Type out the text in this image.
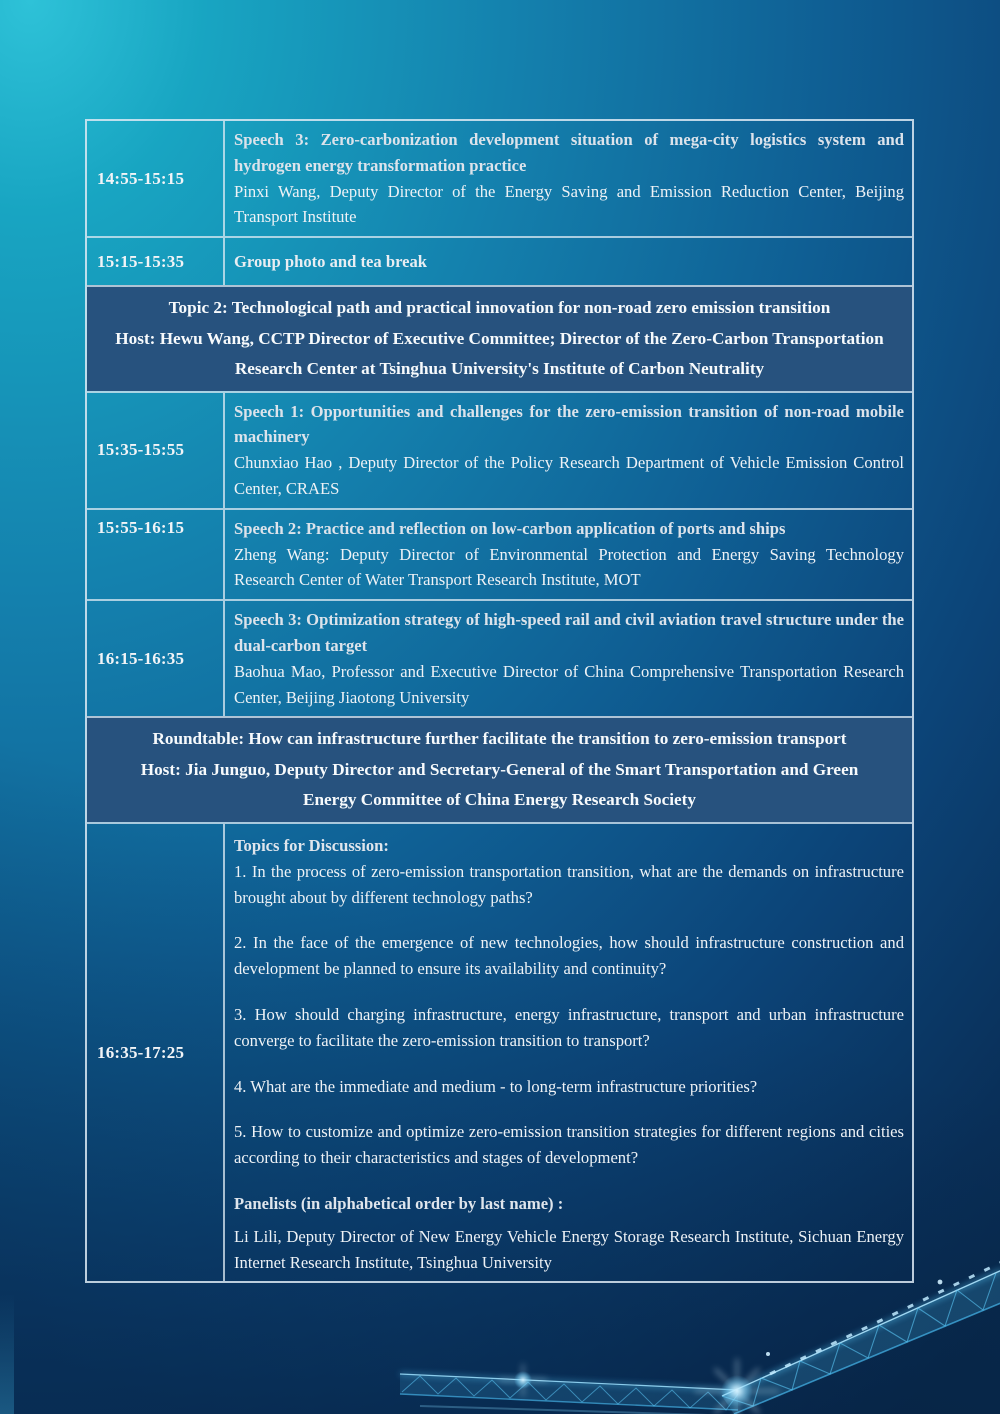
14:55-15:15

Speech 3: Zero-carbonization development situation of mega-city logistics system and hydrogen energy transformation practice

Pinxi Wang, Deputy Director of the Energy Saving and Emission Reduction Center, Beijing Transport Institute

15:15-15:35	Group photo and tea break
Topic 2: Technological path and practical innovation for non-road zero emission transition
Host: Hewu Wang, CCTP Director of Executive Committee; Director of the Zero-Carbon Transportation Research Center at Tsinghua University's Institute of Carbon Neutrality
15:35-15:55

Speech 1: Opportunities and challenges for the zero-emission transition of non-road mobile machinery

Chunxiao Hao , Deputy Director of the Policy Research Department of Vehicle Emission Control Center, CRAES

15:55-16:15	Speech 2: Practice and reflection on low-carbon application of ports and ships

Zheng Wang: Deputy Director of Environmental Protection and Energy Saving Technology Research Center of Water Transport Research Institute, MOT

16:15-16:35

Speech 3: Optimization strategy of high-speed rail and civil aviation travel structure under the dual-carbon target

Baohua Mao, Professor and Executive Director of China Comprehensive Transportation Research Center, Beijing Jiaotong University

Roundtable: How can infrastructure further facilitate the transition to zero-emission transport
Host: Jia Junguo, Deputy Director and Secretary-General of the Smart Transportation and Green Energy Committee of China Energy Research Society
16:35-17:25

Topics for Discussion:

1. In the process of zero-emission transportation transition, what are the demands on infrastructure brought about by different technology paths?

2. In the face of the emergence of new technologies, how should infrastructure construction and development be planned to ensure its availability and continuity?

3. How should charging infrastructure, energy infrastructure, transport and urban infrastructure converge to facilitate the zero-emission transition to transport?

4. What are the immediate and medium - to long-term infrastructure priorities?

5. How to customize and optimize zero-emission transition strategies for different regions and cities according to their characteristics and stages of development?

Panelists (in alphabetical order by last name) :

Li Lili, Deputy Director of New Energy Vehicle Energy Storage Research Institute, Sichuan Energy Internet Research Institute, Tsinghua University
